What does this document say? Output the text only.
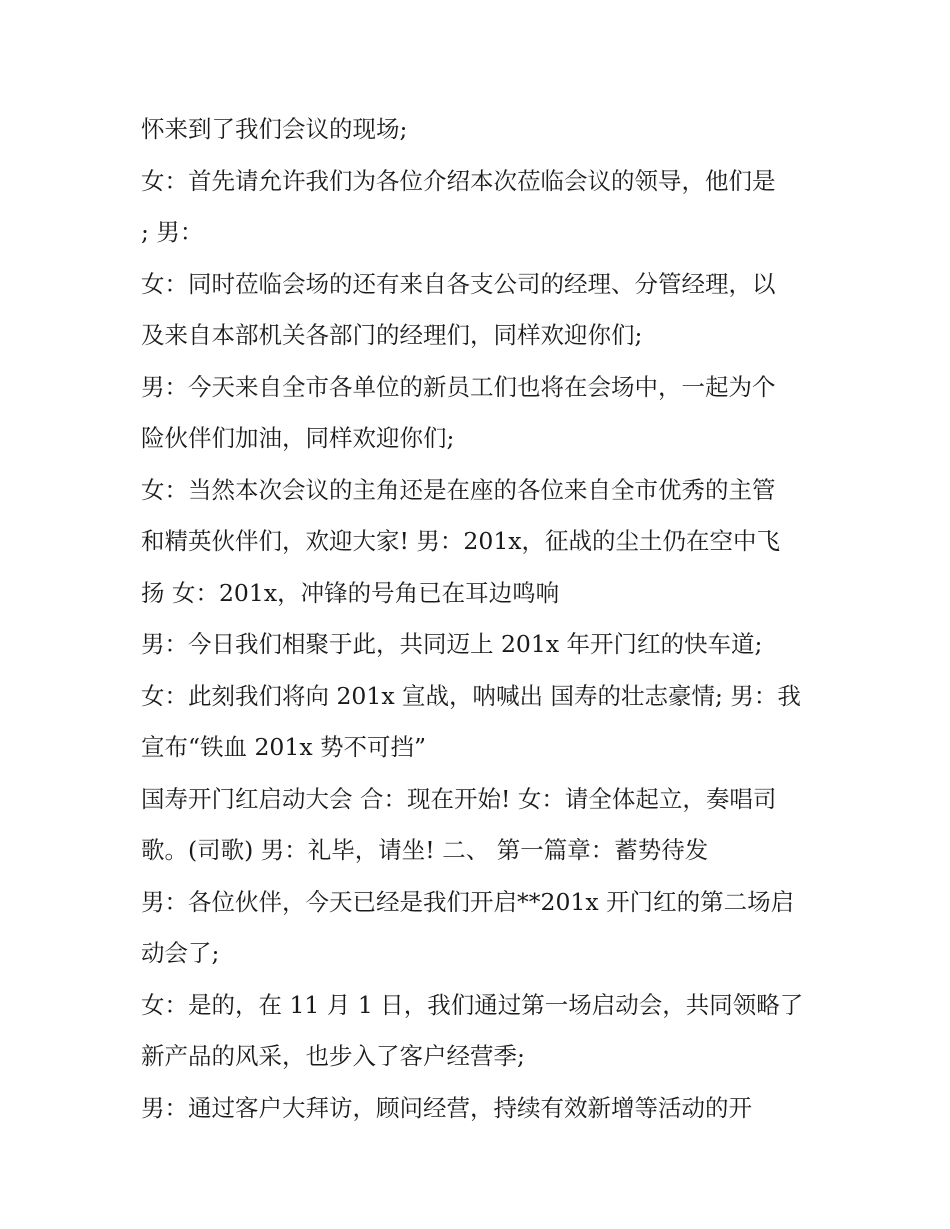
怀来到了我们会议的现场;
女：首先请允许我们为各位介绍本次莅临会议的领导，他们是
; 男：
女：同时莅临会场的还有来自各支公司的经理、分管经理，以
及来自本部机关各部门的经理们，同样欢迎你们;
男：今天来自全市各单位的新员工们也将在会场中，一起为个
险伙伴们加油，同样欢迎你们;
女：当然本次会议的主角还是在座的各位来自全市优秀的主管
和精英伙伴们，欢迎大家! 男：201x，征战的尘土仍在空中飞
扬 女：201x，冲锋的号角已在耳边鸣响
男：今日我们相聚于此，共同迈上 201x 年开门红的快车道;
女：此刻我们将向 201x 宣战，呐喊出 国寿的壮志豪情; 男：我
宣布“铁血 201x 势不可挡”
国寿开门红启动大会 合：现在开始! 女：请全体起立，奏唱司
歌。(司歌) 男：礼毕，请坐! 二、 第一篇章：蓄势待发
男：各位伙伴，今天已经是我们开启**201x 开门红的第二场启
动会了;
女：是的，在 11 月 1 日，我们通过第一场启动会，共同领略了
新产品的风采，也步入了客户经营季;
男：通过客户大拜访，顾问经营，持续有效新增等活动的开
